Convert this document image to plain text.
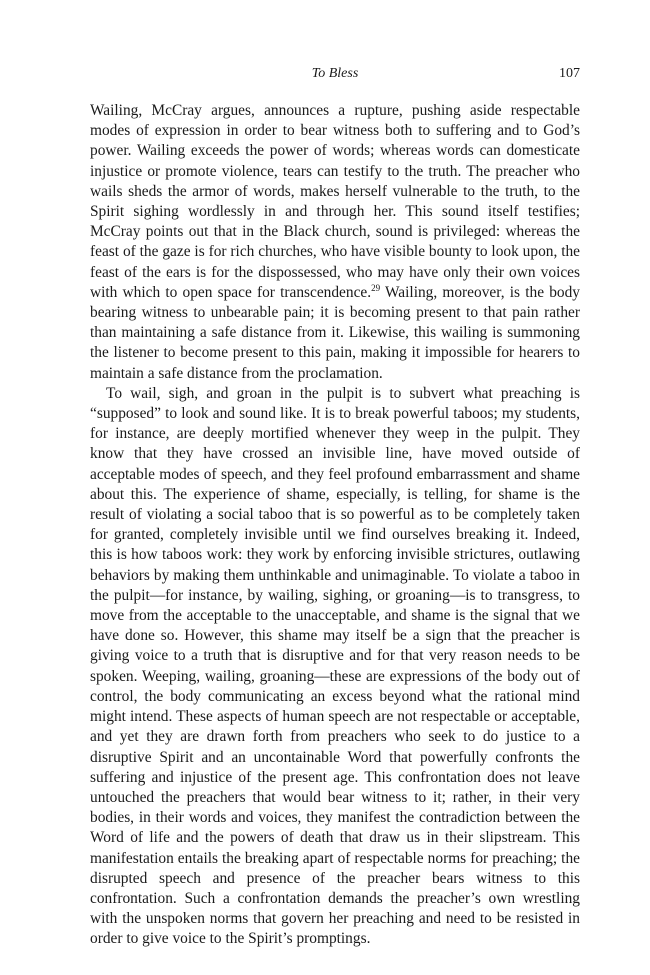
To Bless	107

Wailing, McCray argues, announces a rupture, pushing aside respectable modes of expression in order to bear witness both to suffering and to God’s power. Wailing exceeds the power of words; whereas words can domesticate injustice or promote violence, tears can testify to the truth. The preacher who wails sheds the armor of words, makes herself vulnerable to the truth, to the Spirit sighing wordlessly in and through her. This sound itself testifies; McCray points out that in the Black church, sound is privileged: whereas the feast of the gaze is for rich churches, who have visible bounty to look upon, the feast of the ears is for the dispossessed, who may have only their own voices with which to open space for transcendence.$^{29}$ Wailing, moreover, is the body bearing witness to unbearable pain; it is becoming present to that pain rather than maintaining a safe distance from it. Likewise, this wailing is summoning the listener to become present to this pain, making it impossible for hearers to maintain a safe distance from the proclamation.

To wail, sigh, and groan in the pulpit is to subvert what preaching is “supposed” to look and sound like. It is to break powerful taboos; my students, for instance, are deeply mortified whenever they weep in the pulpit. They know that they have crossed an invisible line, have moved outside of acceptable modes of speech, and they feel profound embarrassment and shame about this. The experience of shame, especially, is telling, for shame is the result of violating a social taboo that is so powerful as to be completely taken for granted, completely invisible until we find ourselves breaking it. Indeed, this is how taboos work: they work by enforcing invisible strictures, outlawing behaviors by making them unthinkable and unimaginable. To violate a taboo in the pulpit—for instance, by wailing, sighing, or groaning—is to transgress, to move from the acceptable to the unacceptable, and shame is the signal that we have done so. However, this shame may itself be a sign that the preacher is giving voice to a truth that is disruptive and for that very reason needs to be spoken. Weeping, wailing, groaning—these are expressions of the body out of control, the body communicating an excess beyond what the rational mind might intend. These aspects of human speech are not respectable or acceptable, and yet they are drawn forth from preachers who seek to do justice to a disruptive Spirit and an uncontainable Word that powerfully confronts the suffering and injustice of the present age. This confrontation does not leave untouched the preachers that would bear witness to it; rather, in their very bodies, in their words and voices, they manifest the contradiction between the Word of life and the powers of death that draw us in their slipstream. This manifestation entails the breaking apart of respectable norms for preaching; the disrupted speech and presence of the preacher bears witness to this confrontation. Such a confrontation demands the preacher’s own wrestling with the unspoken norms that govern her preaching and need to be resisted in order to give voice to the Spirit’s promptings.
